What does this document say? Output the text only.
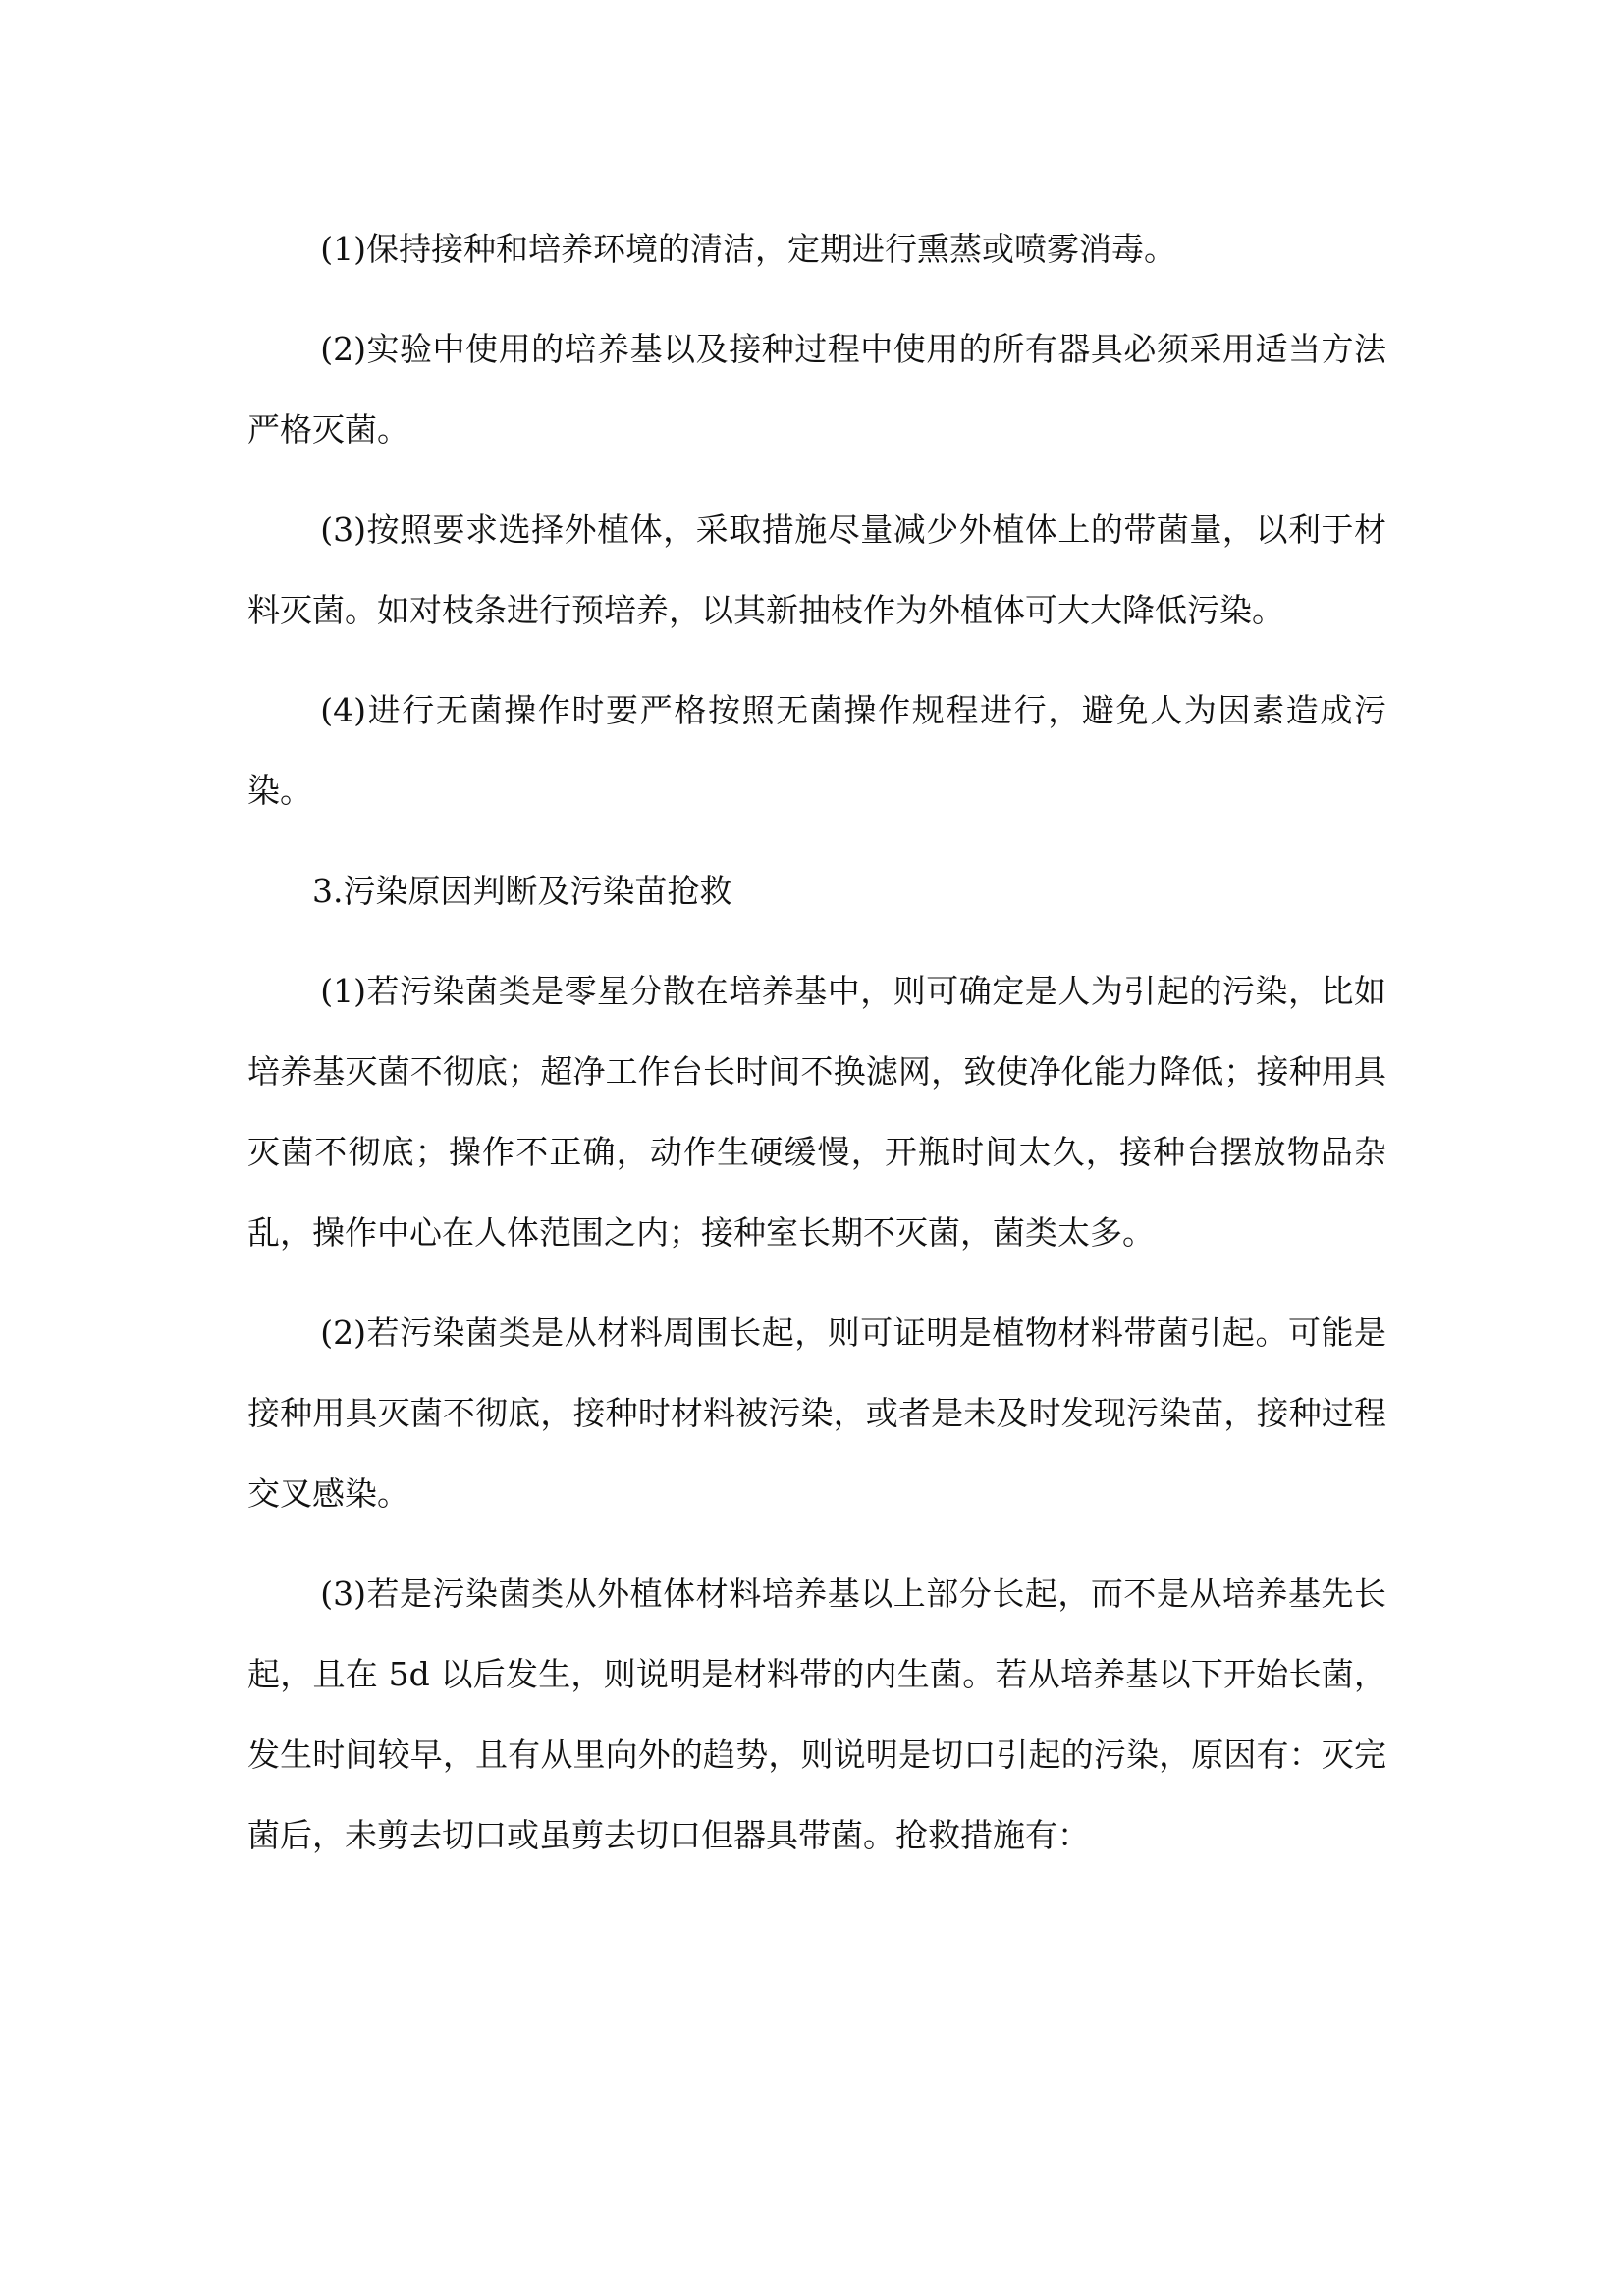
(1)保持接种和培养环境的清洁，定期进行熏蒸或喷雾消毒。

(2)实验中使用的培养基以及接种过程中使用的所有器具必须采用适当方法严格灭菌。

(3)按照要求选择外植体，采取措施尽量减少外植体上的带菌量，以利于材料灭菌。如对枝条进行预培养，以其新抽枝作为外植体可大大降低污染。

(4)进行无菌操作时要严格按照无菌操作规程进行，避免人为因素造成污染。

3.污染原因判断及污染苗抢救

(1)若污染菌类是零星分散在培养基中，则可确定是人为引起的污染，比如培养基灭菌不彻底；超净工作台长时间不换滤网，致使净化能力降低；接种用具灭菌不彻底；操作不正确，动作生硬缓慢，开瓶时间太久，接种台摆放物品杂乱，操作中心在人体范围之内；接种室长期不灭菌，菌类太多。

(2)若污染菌类是从材料周围长起，则可证明是植物材料带菌引起。可能是接种用具灭菌不彻底，接种时材料被污染，或者是未及时发现污染苗，接种过程交叉感染。

(3)若是污染菌类从外植体材料培养基以上部分长起，而不是从培养基先长起，且在 5d 以后发生，则说明是材料带的内生菌。若从培养基以下开始长菌，发生时间较早，且有从里向外的趋势，则说明是切口引起的污染，原因有：灭完菌后，未剪去切口或虽剪去切口但器具带菌。抢救措施有：
